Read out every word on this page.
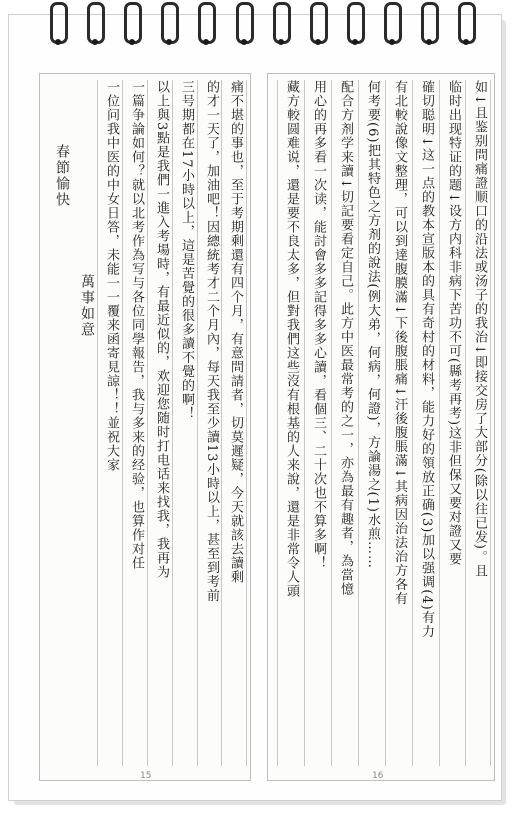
痛不堪的事也，至于考期剩還有四个月，有意問請者，切莫遲疑，今天就該去讀剩
的才一天了，加油吧！因總統考才二个月內，每天我至少讀13小時以上，甚至到考前
三号期都在17小時以上，這是苦覺的很多讀不覺的啊！
以上與3點是我們一進入考場時，有最近似的，欢迎您随时打电话来找我，我再为
一篇争論如何？就以北考作為写与各位同學報告，我与多来的经验，也算作对任
一位问我中医的中女日答，未能一一覆来函寄見諒！！並祝大家
萬事如意
春節愉快
15
如↓且鉴别問痛證顺口的沿法或汤子的我治↓即接交房了大部分(除以往已发)。且
临时出现特证的题↓设方内科非病下苦功不可(縣考再考)这非但保又要对證又要
確切聪明↓这一点的教本宣版本的具有奇村的材料，能力好的領放正确(3)加以强调(4)有力
有北較說像文整理，可以到達腹膜滿↓下後腹脹痛↓汗後腹脹滿↓其病因治法治方各有
何考要(6)把其特色之方剂的說法(例大弟，何病，何證)，方論湯之(1)水煎……
配合方剂学来讀↓切記要看定自己。此方中医最常考的之一，亦為最有趣者，為當憶
用心的再多看一次读，能討會多多記得多多心讀，看個三、二十次也不算多啊！
藏方較圆难说，還是要不良太多，但對我們这些沒有根基的人来說，還是非常令人頭
16
